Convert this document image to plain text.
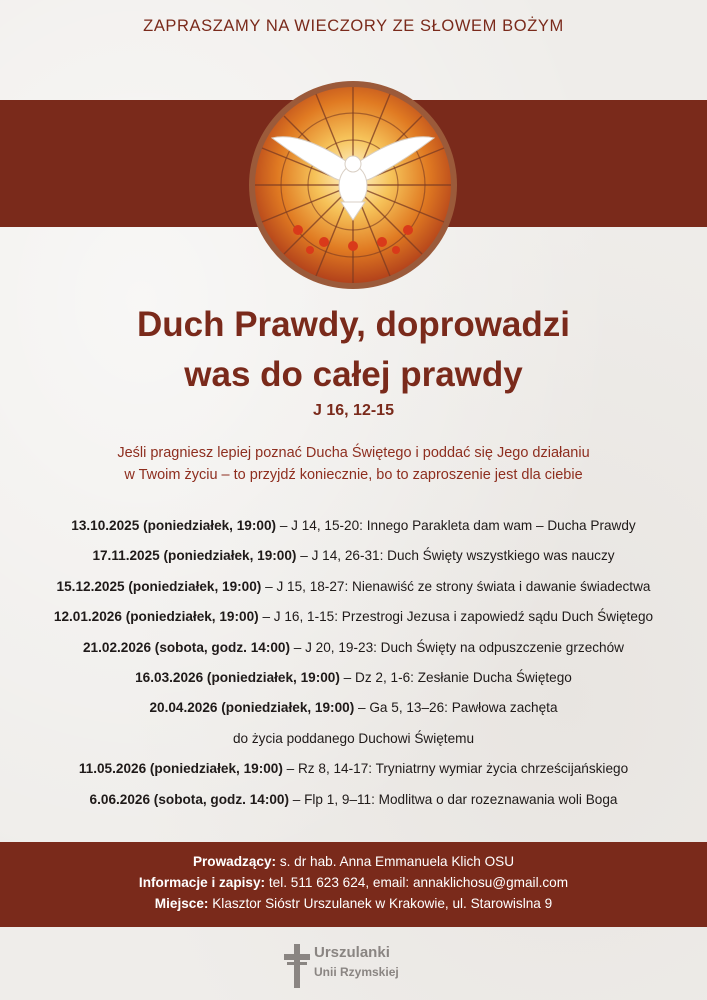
ZAPRASZAMY NA WIECZORY ZE SŁOWEM BOŻYM
Duch Prawdy, doprowadzi
was do całej prawdy
J 16, 12-15
Jeśli pragniesz lepiej poznać Ducha Świętego i poddać się Jego działaniu
w Twoim życiu – to przyjdź koniecznie, bo to zaproszenie jest dla ciebie
13.10.2025 (poniedziałek, 19:00) – J 14, 15-20: Innego Parakleta dam wam – Ducha Prawdy
17.11.2025 (poniedziałek, 19:00) – J 14, 26-31: Duch Święty wszystkiego was nauczy
15.12.2025 (poniedziałek, 19:00) – J 15, 18-27: Nienawiść ze strony świata i dawanie świadectwa
12.01.2026 (poniedziałek, 19:00) – J 16, 1-15: Przestrogi Jezusa i zapowiedź sądu Duch Świętego
21.02.2026 (sobota, godz. 14:00) – J 20, 19-23: Duch Święty na odpuszczenie grzechów
16.03.2026 (poniedziałek, 19:00) – Dz 2, 1-6: Zesłanie Ducha Świętego
20.04.2026 (poniedziałek, 19:00) – Ga 5, 13–26: Pawłowa zachęta
do życia poddanego Duchowi Świętemu
11.05.2026 (poniedziałek, 19:00) – Rz 8, 14-17: Tryniatrny wymiar życia chrześcijańskiego
6.06.2026 (sobota, godz. 14:00) – Flp 1, 9–11: Modlitwa o dar rozeznawania woli Boga
Prowadzący: s. dr hab. Anna Emmanuela Klich OSU
Informacje i zapisy: tel. 511 623 624, email: annaklichosu@gmail.com
Miejsce: Klasztor Sióstr Urszulanek w Krakowie, ul. Starowislna 9
Urszulanki
Unii Rzymskiej
